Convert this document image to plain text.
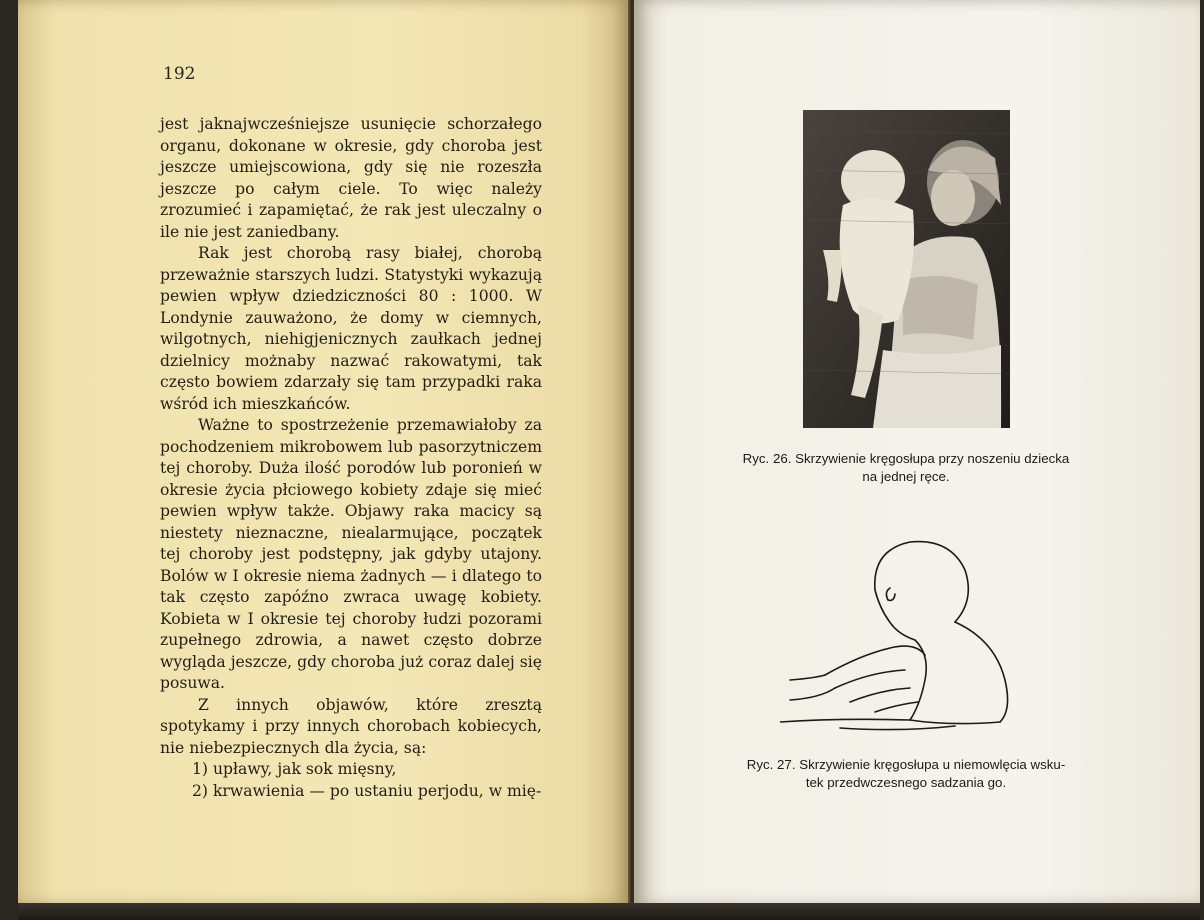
192

jest jaknajwcześniejsze usunięcie schorzałego organu, dokonane w okresie, gdy choroba jest jeszcze umiejscowiona, gdy się nie rozeszła jeszcze po całym ciele. To więc należy zrozumieć i zapamiętać, że rak jest uleczalny o ile nie jest zaniedbany.

Rak jest chorobą rasy białej, chorobą przeważnie starszych ludzi. Statystyki wykazują pewien wpływ dziedziczności 80 : 1000. W Londynie zauważono, że domy w ciemnych, wilgotnych, niehigjenicznych zaułkach jednej dzielnicy możnaby nazwać rakowatymi, tak często bowiem zdarzały się tam przypadki raka wśród ich mieszkańców.

Ważne to spostrzeżenie przemawiałoby za pochodzeniem mikrobowem lub pasorzytniczem tej choroby. Duża ilość porodów lub poronień w okresie życia płciowego kobiety zdaje się mieć pewien wpływ także. Objawy raka macicy są niestety nieznaczne, niealarmujące, początek tej choroby jest podstępny, jak gdyby utajony. Bolów w I okresie niema żadnych — i dlatego to tak często zapóźno zwraca uwagę kobiety. Kobieta w I okresie tej choroby łudzi pozorami zupełnego zdrowia, a nawet często dobrze wygląda jeszcze, gdy choroba już coraz dalej się posuwa.

Z innych objawów, które zresztą spotykamy i przy innych chorobach kobiecych, nie niebezpiecznych dla życia, są:

1) upławy, jak sok mięsny,

2) krwawienia — po ustaniu perjodu, w mię-

Ryc. 26. Skrzywienie kręgosłupa przy noszeniu dziecka
na jednej ręce.
Ryc. 27. Skrzywienie kręgosłupa u niemowlęcia wsku-
tek przedwczesnego sadzania go.
